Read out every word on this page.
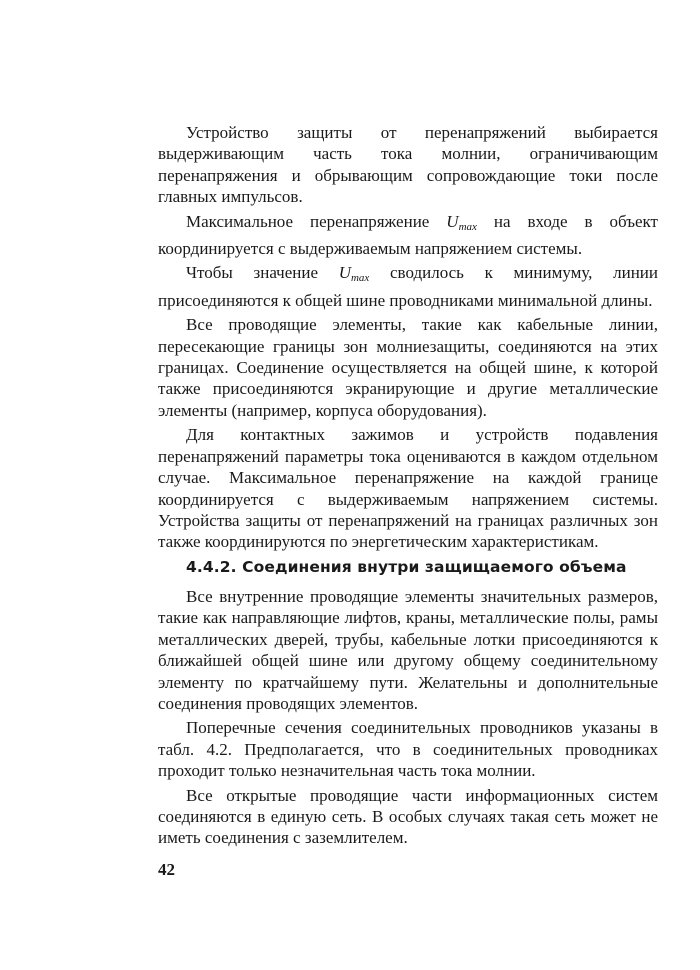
Устройство защиты от перенапряжений выбирается выдерживающим часть тока молнии, ограничивающим перенапряжения и обрывающим сопровождающие токи после главных импульсов.

Максимальное перенапряжение $U_{max}$ на входе в объект координируется с выдерживаемым напряжением системы.

Чтобы значение $U_{max}$ сводилось к минимуму, линии присоединяются к общей шине проводниками минимальной длины.

Все проводящие элементы, такие как кабельные линии, пересекающие границы зон молниезащиты, соединяются на этих границах. Соединение осуществляется на общей шине, к которой также присоединяются экранирующие и другие металлические элементы (например, корпуса оборудования).

Для контактных зажимов и устройств подавления перенапряжений параметры тока оцениваются в каждом отдельном случае. Максимальное перенапряжение на каждой границе координируется с выдерживаемым напряжением системы. Устройства защиты от перенапряжений на границах различных зон также координируются по энергетическим характеристикам.

4.4.2. Соединения внутри защищаемого объема

Все внутренние проводящие элементы значительных размеров, такие как направляющие лифтов, краны, металлические полы, рамы металлических дверей, трубы, кабельные лотки присоединяются к ближайшей общей шине или другому общему соединительному элементу по кратчайшему пути. Желательны и дополнительные соединения проводящих элементов.

Поперечные сечения соединительных проводников указаны в табл. 4.2. Предполагается, что в соединительных проводниках проходит только незначительная часть тока молнии.

Все открытые проводящие части информационных систем соединяются в единую сеть. В особых случаях такая сеть может не иметь соединения с заземлителем.

42
